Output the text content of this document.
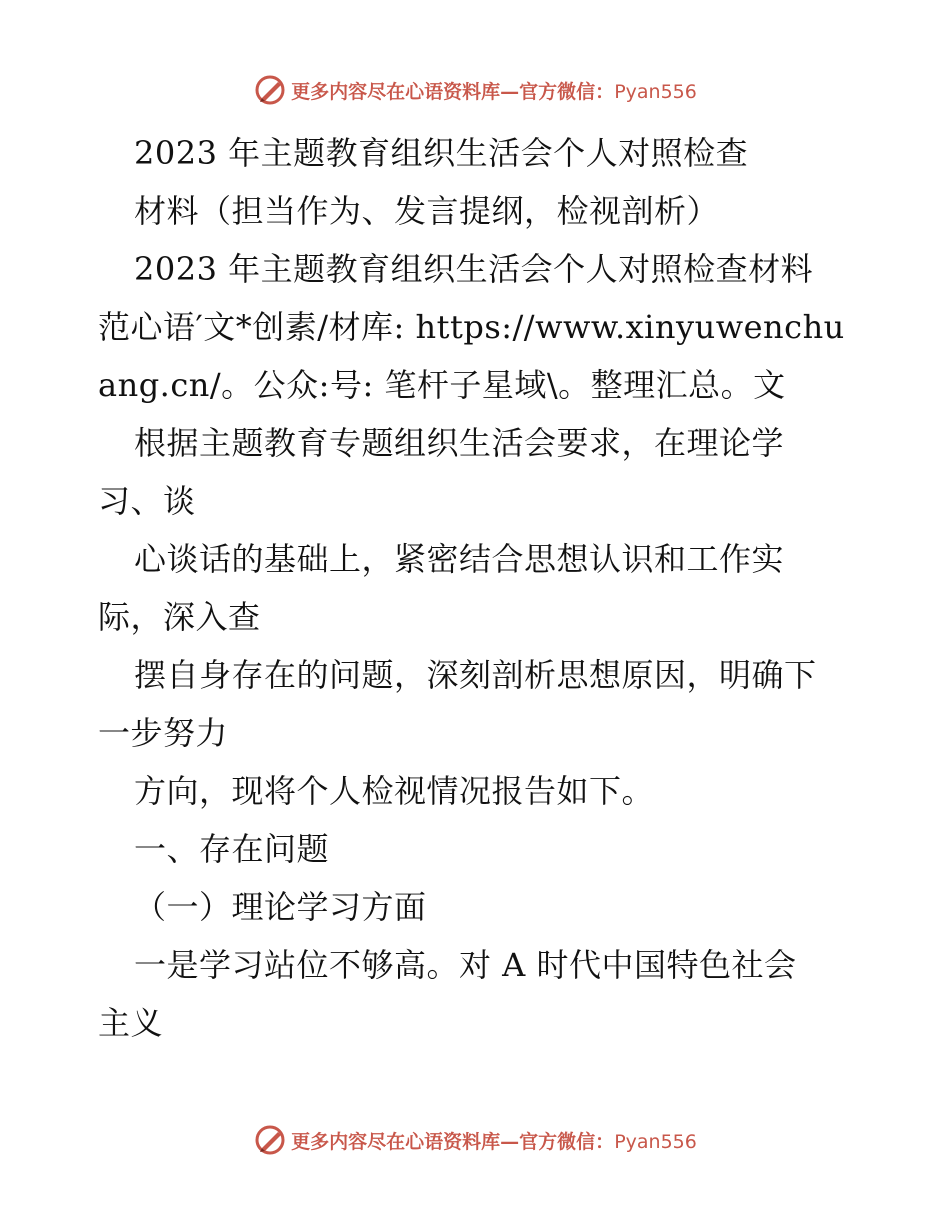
更多内容尽在心语资料库—官方微信：Pyan556
2023 年主题教育组织生活会个人对照检查
材料（担当作为、发言提纲，检视剖析）
2023 年主题教育组织生活会个人对照检查材料
范心语′文*创素/材库: https://www.xinyuwenchu
ang.cn/。公众:号: 笔杆子星域\。整理汇总。文
根据主题教育专题组织生活会要求，在理论学
习、谈
心谈话的基础上，紧密结合思想认识和工作实
际，深入查
摆自身存在的问题，深刻剖析思想原因，明确下
一步努力
方向，现将个人检视情况报告如下。
一、存在问题
（一）理论学习方面
一是学习站位不够高。对 A 时代中国特色社会
主义
更多内容尽在心语资料库—官方微信：Pyan556
